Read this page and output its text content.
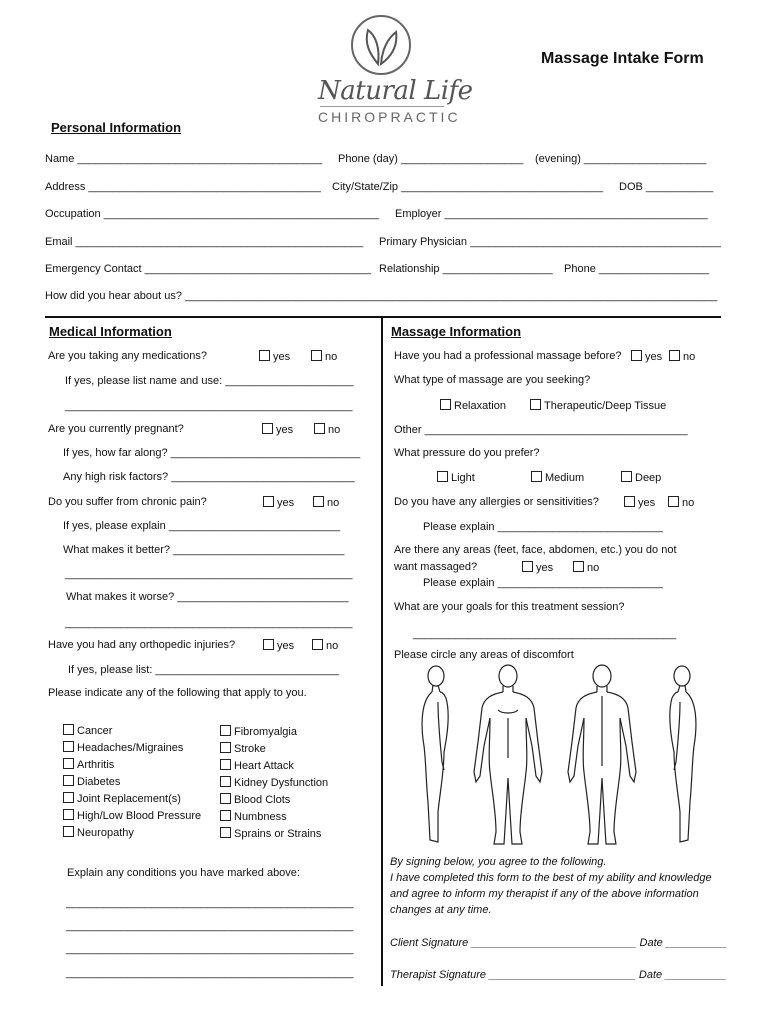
Natural Life
CHIROPRACTIC
Massage Intake Form
Personal Information
Name ________________________________________ Phone (day) ____________________ (evening) ____________________
Address ______________________________________ City/State/Zip _________________________________ DOB ___________
Occupation _____________________________________________ Employer ___________________________________________
Email _______________________________________________ Primary Physician _________________________________________
Emergency Contact _____________________________________ Relationship __________________ Phone __________________
How did you hear about us? _______________________________________________________________________________________
Medical Information
Are you taking any medications?	yes	no
If yes, please list name and use: _____________________
_______________________________________________
Are you currently pregnant?	yes	no
If yes, how far along? _______________________________
Any high risk factors? ______________________________
Do you suffer from chronic pain?	yes	no
If yes, please explain ____________________________
What makes it better? ____________________________
_______________________________________________
What makes it worse? ____________________________
_______________________________________________
Have you had any orthopedic injuries?	yes	no
If yes, please list: ______________________________
Please indicate any of the following that apply to you.
Cancer
Headaches/Migraines
Arthritis
Diabetes
Joint Replacement(s)
High/Low Blood Pressure
Neuropathy
Fibromyalgia
Stroke
Heart Attack
Kidney Dysfunction
Blood Clots
Numbness
Sprains or Strains
Explain any conditions you have marked above:
_______________________________________________
_______________________________________________
_______________________________________________
_______________________________________________
Massage Information
Have you had a professional massage before?	yes	no
What type of massage are you seeking?
Relaxation	Therapeutic/Deep Tissue
Other ___________________________________________
What pressure do you prefer?
Light	Medium	Deep
Do you have any allergies or sensitivities?	yes	no
Please explain ___________________________
Are there any areas (feet, face, abdomen, etc.) you do not
want massaged?	yes	no
Please explain ___________________________
What are your goals for this treatment session?
___________________________________________
Please circle any areas of discomfort
By signing below, you agree to the following.
I have completed this form to the best of my ability and knowledge
and agree to inform my therapist if any of the above information
changes at any time.
Client Signature ___________________________ Date __________
Therapist Signature ________________________ Date __________
